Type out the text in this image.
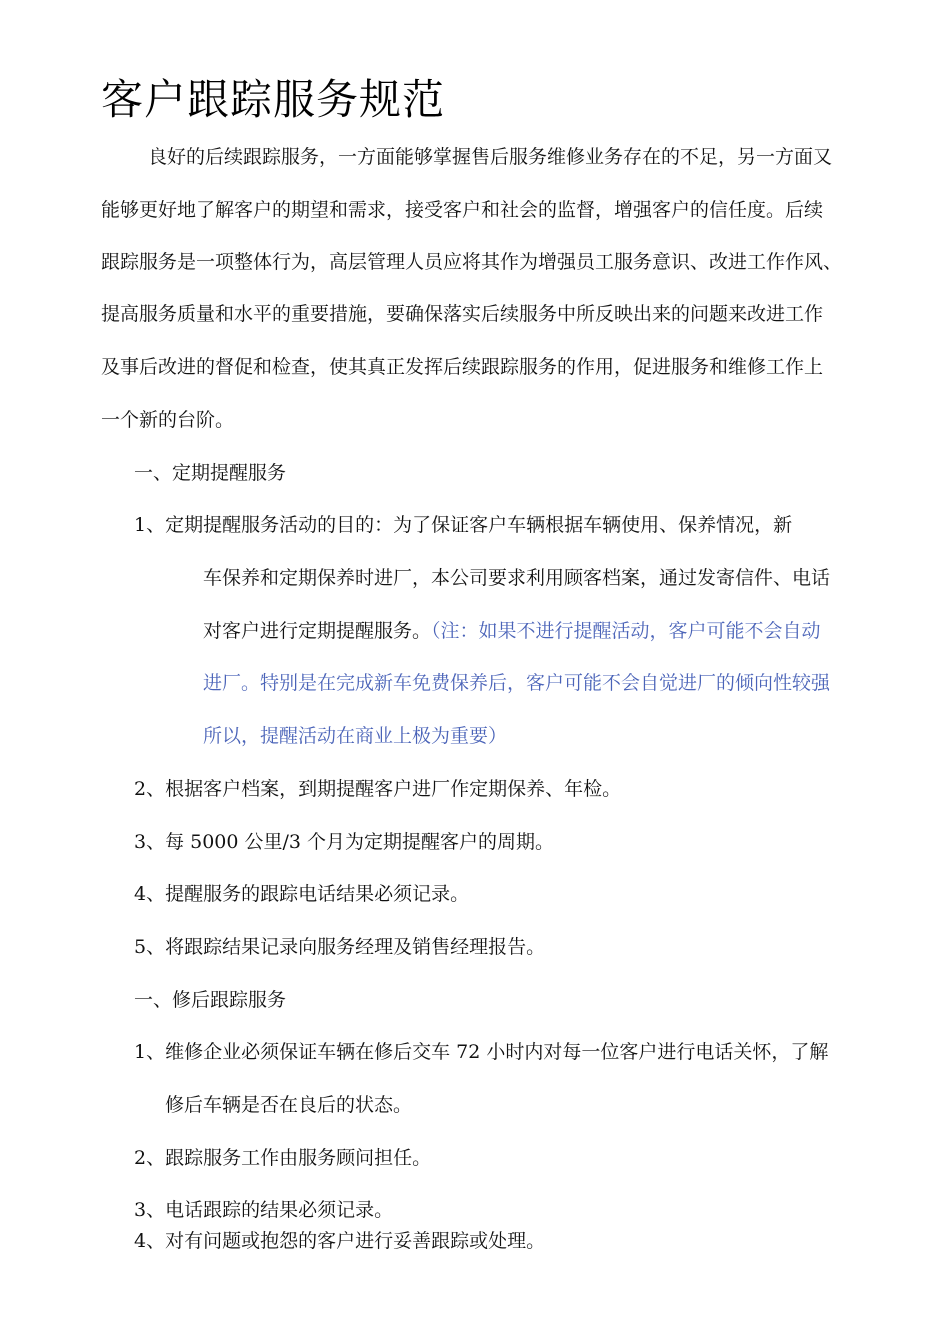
客户跟踪服务规范
良好的后续跟踪服务，一方面能够掌握售后服务维修业务存在的不足，另一方面又
能够更好地了解客户的期望和需求，接受客户和社会的监督，增强客户的信任度。后续
跟踪服务是一项整体行为，高层管理人员应将其作为增强员工服务意识、改进工作作风、
提高服务质量和水平的重要措施，要确保落实后续服务中所反映出来的问题来改进工作
及事后改进的督促和检查，使其真正发挥后续跟踪服务的作用，促进服务和维修工作上
一个新的台阶。
一、定期提醒服务
1、定期提醒服务活动的目的：为了保证客户车辆根据车辆使用、保养情况，新
车保养和定期保养时进厂，本公司要求利用顾客档案，通过发寄信件、电话
对客户进行定期提醒服务。（注：如果不进行提醒活动，客户可能不会自动
进厂。特别是在完成新车免费保养后，客户可能不会自觉进厂的倾向性较强
所以，提醒活动在商业上极为重要）
2、根据客户档案，到期提醒客户进厂作定期保养、年检。
3、每 5000 公里/3 个月为定期提醒客户的周期。
4、提醒服务的跟踪电话结果必须记录。
5、将跟踪结果记录向服务经理及销售经理报告。
一、修后跟踪服务
1、维修企业必须保证车辆在修后交车 72 小时内对每一位客户进行电话关怀，了解
修后车辆是否在良后的状态。
2、跟踪服务工作由服务顾问担任。
3、电话跟踪的结果必须记录。
4、对有问题或抱怨的客户进行妥善跟踪或处理。
